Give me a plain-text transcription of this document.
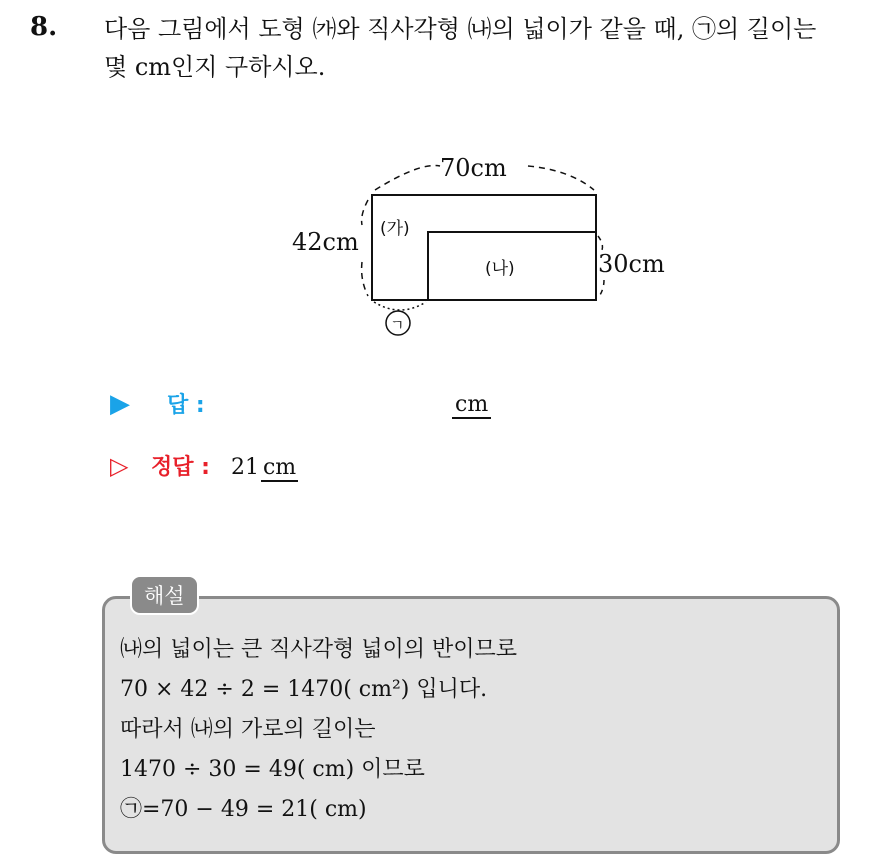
8. 다음 그림에서 도형 ㈎와 직사각형 ㈏의 넓이가 같을 때, ㉠의 길이는
몇 cm인지 구하시오.
70cm
42cm
30cm
(가)
(나)
ㄱ
▶ 답 :	cm
▷ 정답 : 21 cm
해설
㈏의 넓이는 큰 직사각형 넓이의 반이므로
70 × 42 ÷ 2 = 1470( cm²) 입니다.
따라서 ㈏의 가로의 길이는
1470 ÷ 30 = 49( cm) 이므로
㉠=70 − 49 = 21( cm)
